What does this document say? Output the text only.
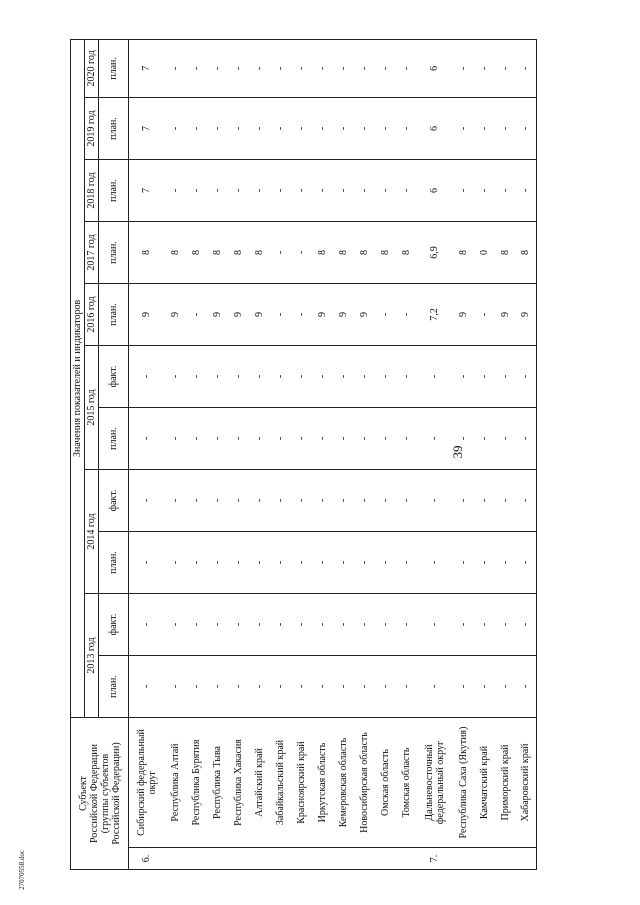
39
Субъект Российской Федерации (группы субъектов Российской Федерации)		Значения показателей и индикаторов										
		2013 год		2014 год		2015 год		2016 год	2017 год	2018 год	2019 год	2020 год
		план.	факт.	план.	факт.	план.	факт.	план.	план.	план.	план.	план.
6.	Сибирский федеральный округ	-	-	-	-	-	-	9	8	7	7	7
	Республика Алтай	-	-	-	-	-	-	9	8	-	-	-
	Республика Бурятия	-	-	-	-	-	-	-	8	-	-	-
	Республика Тыва	-	-	-	-	-	-	9	8	-	-	-
	Республика Хакасия	-	-	-	-	-	-	9	8	-	-	-
	Алтайский край	-	-	-	-	-	-	9	8	-	-	-
	Забайкальский край	-	-	-	-	-	-	-	-	-	-	-
	Красноярский край	-	-	-	-	-	-	-	-	-	-	-
	Иркутская область	-	-	-	-	-	-	9	8	-	-	-
	Кемеровская область	-	-	-	-	-	-	9	8	-	-	-
	Новосибирская область	-	-	-	-	-	-	9	8	-	-	-
	Омская область	-	-	-	-	-	-	-	8	-	-	-
	Томская область	-	-	-	-	-	-	-	8	-	-	-
7.	Дальневосточный федеральный округ	-	-	-	-	-	-	7,2	6,9	6	6	6
	Республика Саха (Якутия)	-	-	-	-	-	-	9	8	-	-	-
	Камчатский край	-	-	-	-	-	-	-	0	-	-	-
	Приморский край	-	-	-	-	-	-	9	8	-	-	-
	Хабаровский край	-	-	-	-	-	-	9	8	-	-	-
27070558.doc
